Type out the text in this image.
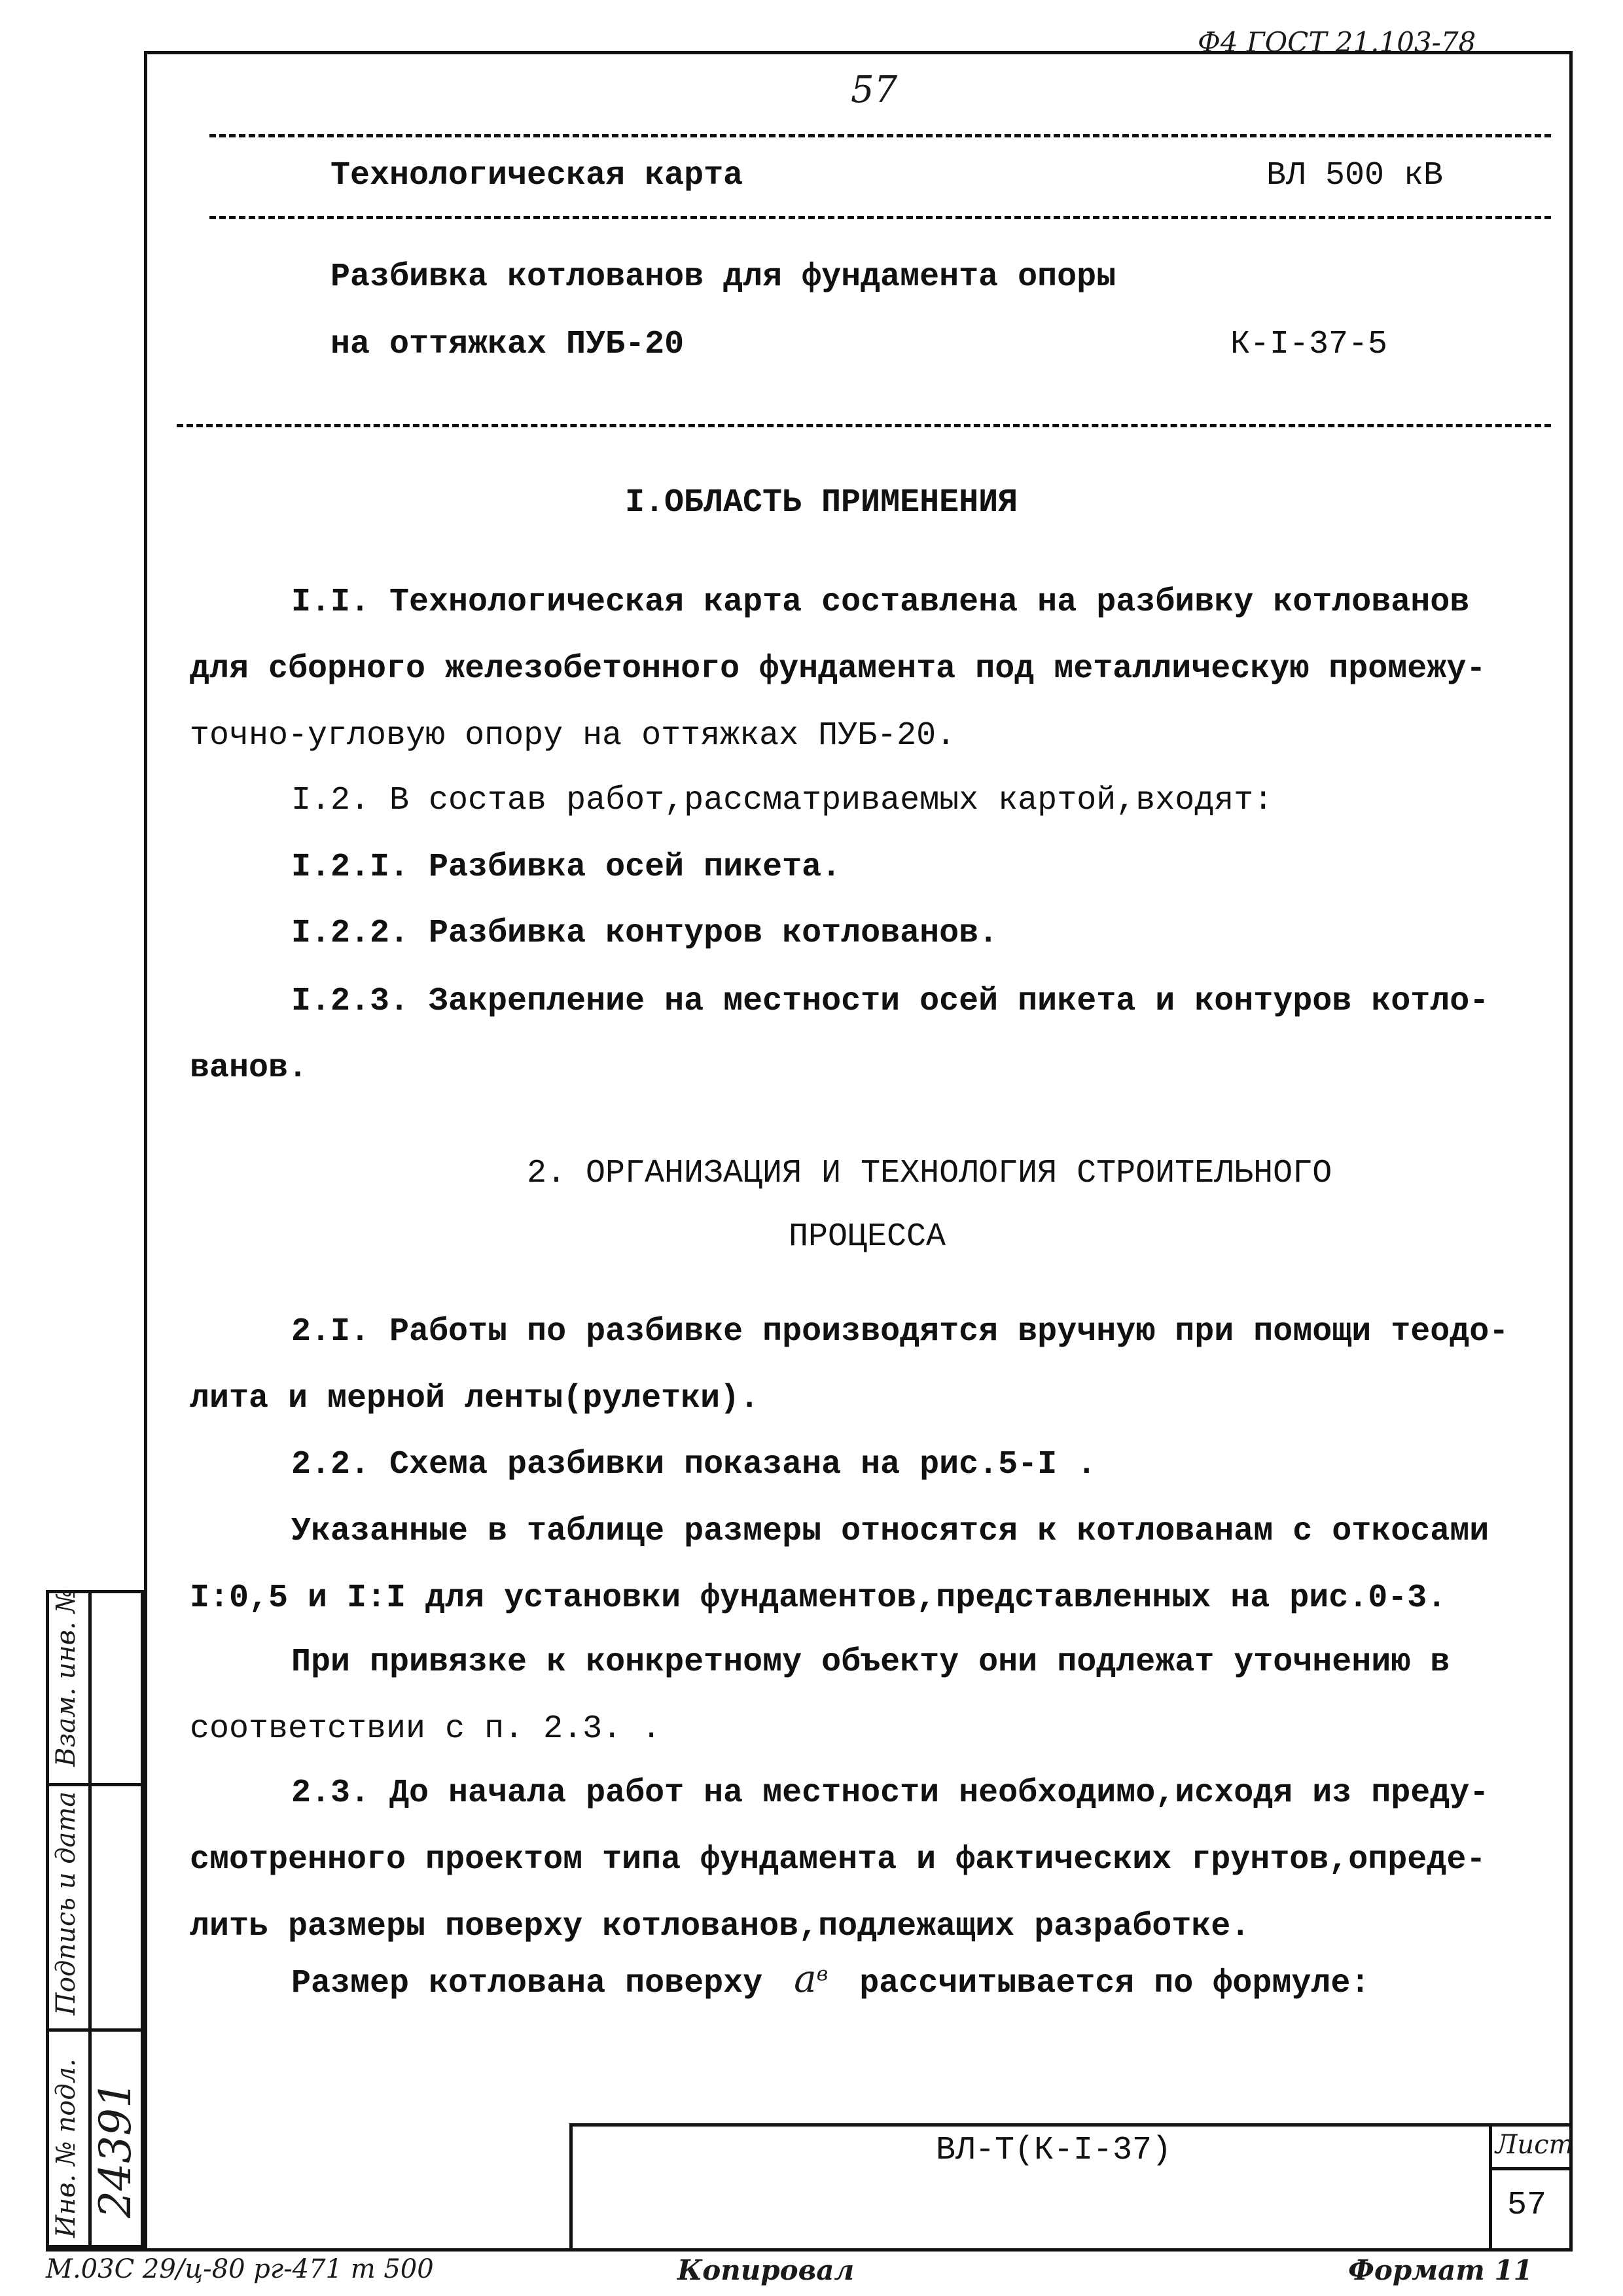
Ф4 ГОСТ 21.103-78
57
Технологическая карта	ВЛ 500 кВ
Разбивка котлованов для фундамента опоры
на оттяжках ПУБ-20	К-I-37-5
I.ОБЛАСТЬ ПРИМЕНЕНИЯ
I.I. Технологическая карта составлена на разбивку котлованов
для сборного железобетонного фундамента под металлическую промежу-
точно-угловую опору на оттяжках ПУБ-20.
I.2. В состав работ,рассматриваемых картой,входят:
I.2.I. Разбивка осей пикета.
I.2.2. Разбивка контуров котлованов.
I.2.3. Закрепление на местности осей пикета и контуров котло-
ванов.
2. ОРГАНИЗАЦИЯ И ТЕХНОЛОГИЯ СТРОИТЕЛЬНОГО
ПРОЦЕССА
2.I. Работы по разбивке производятся вручную при помощи теодо-
лита и мерной ленты(рулетки).
2.2. Схема разбивки показана на рис.5-I .
Указанные в таблице размеры относятся к котлованам с откосами
I:0,5 и I:I для установки фундаментов,представленных на рис.0-3.
При привязке к конкретному объекту они подлежат уточнению в
соответствии с п. 2.3. .
2.3. До начала работ на местности необходимо,исходя из преду-
смотренного проектом типа фундамента и фактических грунтов,опреде-
лить размеры поверху котлованов,подлежащих разработке.
Размер котлована поверху $a^в$ рассчитывается по формуле:
Взам. инв. №
Подпись и дата
Инв. № подл. 24391	ВЛ-Т(К-I-37)	Лист
57
М.03С 29/ц-80 рг-471 т 500	Копировал	Формат 11
